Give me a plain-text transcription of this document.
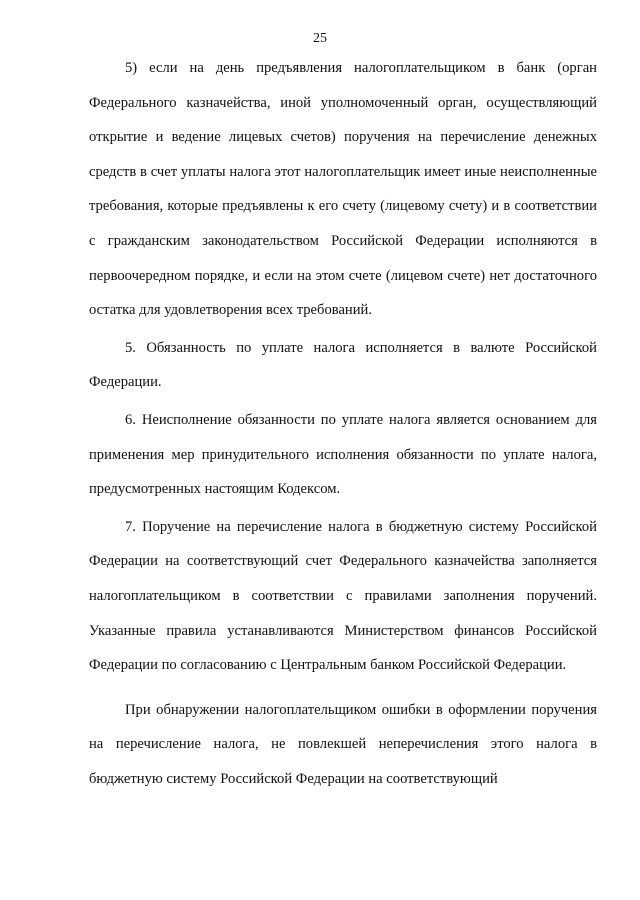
25

5) если на день предъявления налогоплательщиком в банк (орган Федерального казначейства, иной уполномоченный орган, осуществляющий открытие и ведение лицевых счетов) поручения на перечисление денежных средств в счет уплаты налога этот налогоплательщик имеет иные неисполненные требования, которые предъявлены к его счету (лицевому счету) и в соответствии с гражданским законодательством Российской Федерации исполняются в первоочередном порядке, и если на этом счете (лицевом счете) нет достаточного остатка для удовлетворения всех требований.

5. Обязанность по уплате налога исполняется в валюте Российской Федерации.

6. Неисполнение обязанности по уплате налога является основанием для применения мер принудительного исполнения обязанности по уплате налога, предусмотренных настоящим Кодексом.

7. Поручение на перечисление налога в бюджетную систему Российской Федерации на соответствующий счет Федерального казначейства заполняется налогоплательщиком в соответствии с правилами заполнения поручений. Указанные правила устанавливаются Министерством финансов Российской Федерации по согласованию с Центральным банком Российской Федерации.

При обнаружении налогоплательщиком ошибки в оформлении поручения на перечисление налога, не повлекшей неперечисления этого налога в бюджетную систему Российской Федерации на соответствующий
